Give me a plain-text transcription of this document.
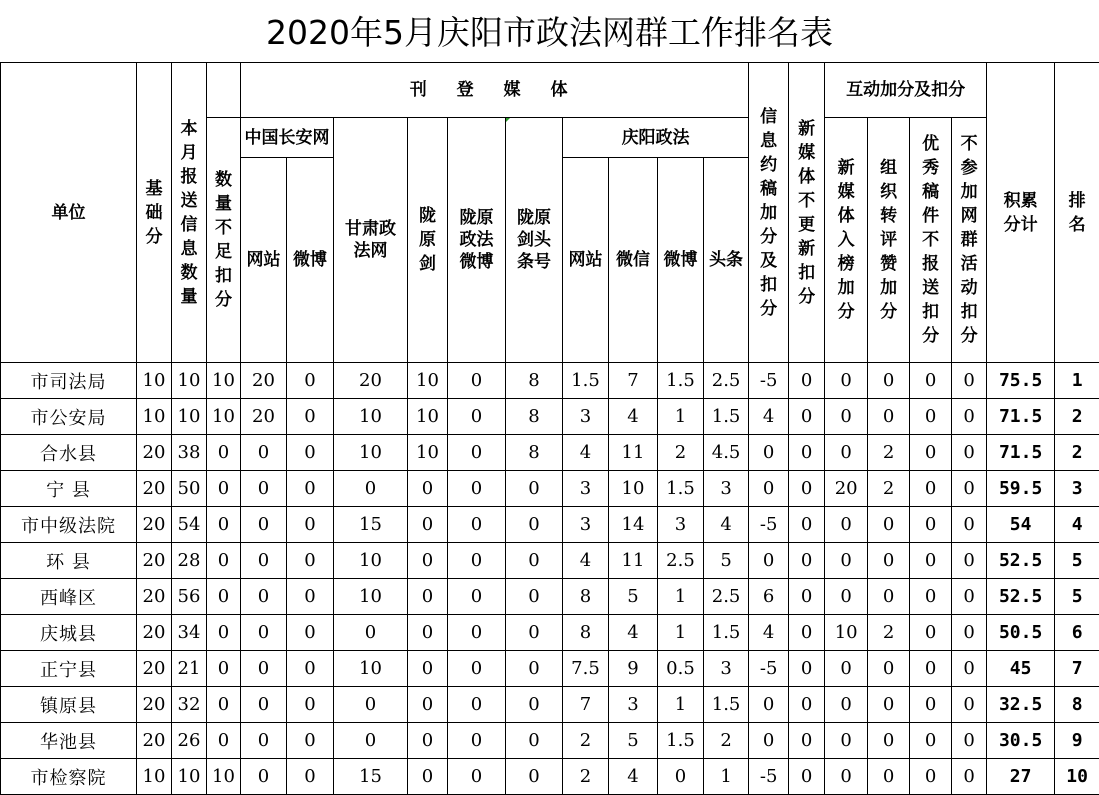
2020年5月庆阳市政法网群工作排名表
单位	基础分	本月报送信息数量		刊 登 媒 体										信息约稿加分及扣分	新媒体不更新扣分	互动加分及扣分				积累分计	排名
			数量不足扣分	中国长安网		甘肃政法网	陇原剑	陇原政法微博	陇原剑头条号	庆阳政法						新媒体入榜加分	组织转评赞加分	优秀稿件不报送扣分	不参加网群活动扣分		
				网站	微博					网站	微信	微博	头条								
市司法局	10	10	10	20	0	20	10	0	8	1.5	7	1.5	2.5	-5	0	0	0	0	0	75.5	1
市公安局	10	10	10	20	0	10	10	0	8	3	4	1	1.5	4	0	0	0	0	0	71.5	2
合水县	20	38	0	0	0	10	10	0	8	4	11	2	4.5	0	0	0	2	0	0	71.5	2
宁 县	20	50	0	0	0	0	0	0	0	3	10	1.5	3	0	0	20	2	0	0	59.5	3
市中级法院	20	54	0	0	0	15	0	0	0	3	14	3	4	-5	0	0	0	0	0	54	4
环 县	20	28	0	0	0	10	0	0	0	4	11	2.5	5	0	0	0	0	0	0	52.5	5
西峰区	20	56	0	0	0	10	0	0	0	8	5	1	2.5	6	0	0	0	0	0	52.5	5
庆城县	20	34	0	0	0	0	0	0	0	8	4	1	1.5	4	0	10	2	0	0	50.5	6
正宁县	20	21	0	0	0	10	0	0	0	7.5	9	0.5	3	-5	0	0	0	0	0	45	7
镇原县	20	32	0	0	0	0	0	0	0	7	3	1	1.5	0	0	0	0	0	0	32.5	8
华池县	20	26	0	0	0	0	0	0	0	2	5	1.5	2	0	0	0	0	0	0	30.5	9
市检察院	10	10	10	0	0	15	0	0	0	2	4	0	1	-5	0	0	0	0	0	27	10
